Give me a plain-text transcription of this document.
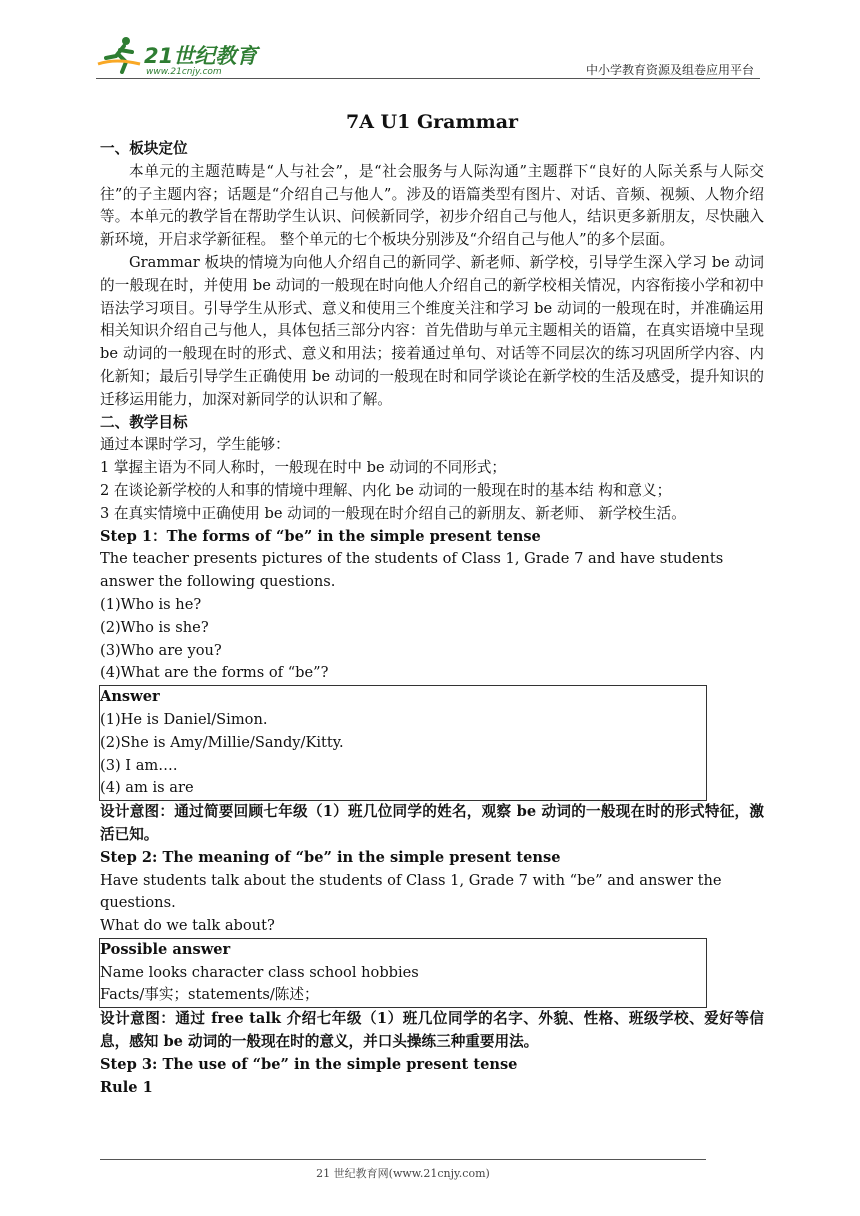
21世纪教育
www.21cnjy.com	中小学教育资源及组卷应用平台
7A U1 Grammar

一、板块定位

本单元的主题范畴是“人与社会”，是“社会服务与人际沟通”主题群下“良好的人际关系与人际交往”的子主题内容；话题是“介绍自己与他人”。涉及的语篇类型有图片、对话、音频、视频、人物介绍等。本单元的教学旨在帮助学生认识、问候新同学，初步介绍自己与他人，结识更多新朋友，尽快融入新环境，开启求学新征程。 整个单元的七个板块分别涉及“介绍自己与他人”的多个层面。

Grammar 板块的情境为向他人介绍自己的新同学、新老师、新学校，引导学生深入学习 be 动词的一般现在时，并使用 be 动词的一般现在时向他人介绍自己的新学校相关情况，内容衔接小学和初中语法学习项目。引导学生从形式、意义和使用三个维度关注和学习 be 动词的一般现在时，并准确运用相关知识介绍自己与他人，具体包括三部分内容：首先借助与单元主题相关的语篇，在真实语境中呈现 be 动词的一般现在时的形式、意义和用法；接着通过单句、对话等不同层次的练习巩固所学内容、内化新知；最后引导学生正确使用 be 动词的一般现在时和同学谈论在新学校的生活及感受，提升知识的迁移运用能力，加深对新同学的认识和了解。

二、教学目标

通过本课时学习，学生能够：

1 掌握主语为不同人称时，一般现在时中 be 动词的不同形式；

2 在谈论新学校的人和事的情境中理解、内化 be 动词的一般现在时的基本结 构和意义；

3 在真实情境中正确使用 be 动词的一般现在时介绍自己的新朋友、新老师、 新学校生活。

Step 1：The forms of “be” in the simple present tense

The teacher presents pictures of the students of Class 1, Grade 7 and have students answer the following questions.

(1)Who is he?

(2)Who is she?

(3)Who are you?

(4)What are the forms of “be”?

Answer

(1)He is Daniel/Simon.

(2)She is Amy/Millie/Sandy/Kitty.

(3) I am….

(4) am is are

设计意图：通过简要回顾七年级（1）班几位同学的姓名，观察 be 动词的一般现在时的形式特征，激活已知。

Step 2: The meaning of “be” in the simple present tense

Have students talk about the students of Class 1, Grade 7 with “be” and answer the questions.

What do we talk about?

Possible answer

Name looks character class school hobbies

Facts/事实；statements/陈述；

设计意图：通过 free talk 介绍七年级（1）班几位同学的名字、外貌、性格、班级学校、爱好等信息，感知 be 动词的一般现在时的意义，并口头操练三种重要用法。

Step 3: The use of “be” in the simple present tense

Rule 1

21 世纪教育网(www.21cnjy.com)
